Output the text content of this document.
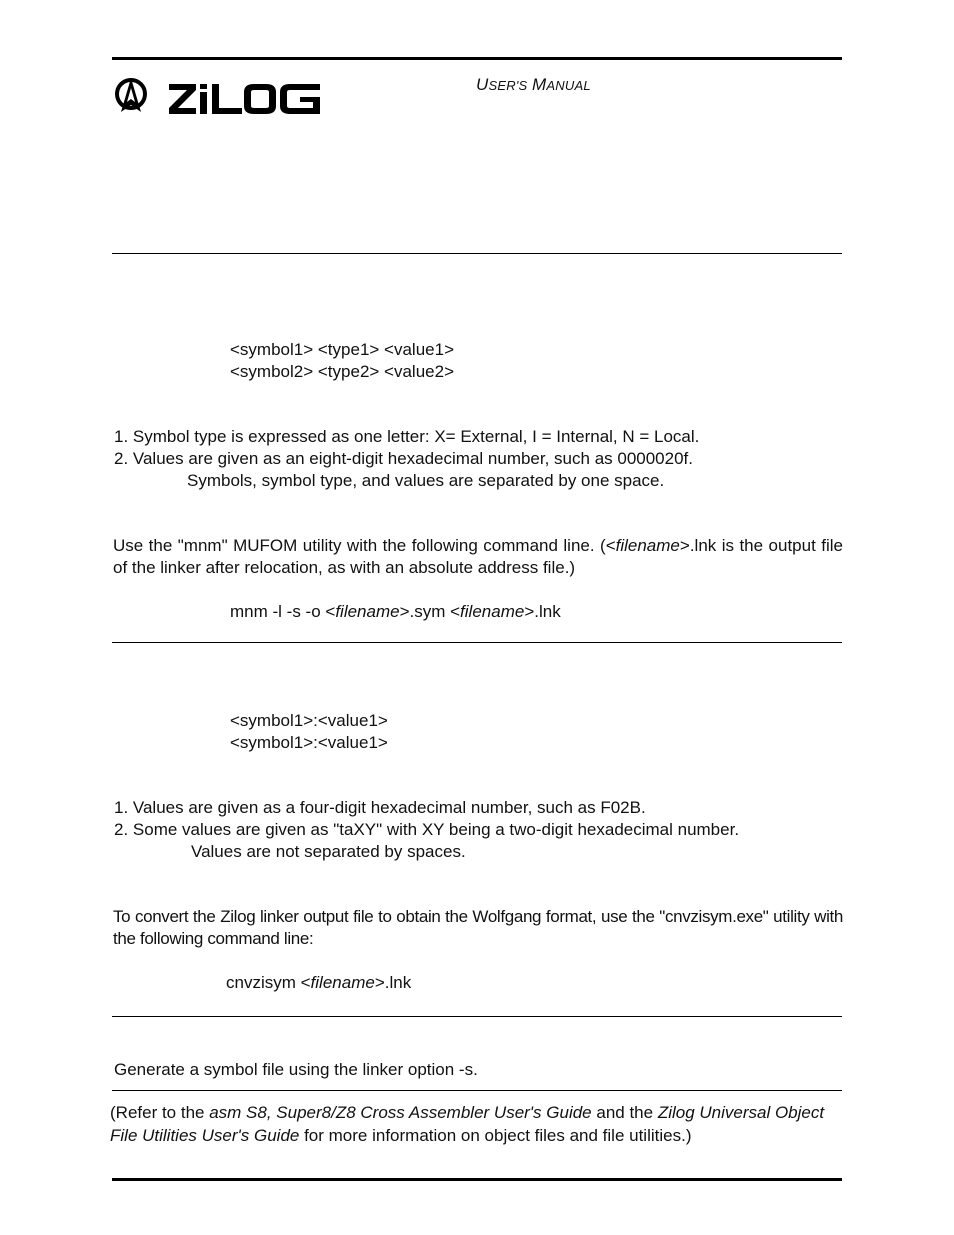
USER'S MANUAL
<symbol1> <type1> <value1>
<symbol2> <type2> <value2>
1. Symbol type is expressed as one letter: X= External, I = Internal, N = Local.
2. Values are given as an eight-digit hexadecimal number, such as 0000020f.
Symbols, symbol type, and values are separated by one space.
Use the "mnm" MUFOM utility with the following command line. (<filename>.lnk is the output file of the linker after relocation, as with an absolute address file.)
mnm -l -s -o <filename>.sym <filename>.lnk
<symbol1>:<value1>
<symbol1>:<value1>
1. Values are given as a four-digit hexadecimal number, such as F02B.
2. Some values are given as "taXY" with XY being a two-digit hexadecimal number.
Values are not separated by spaces.
To convert the Zilog linker output file to obtain the Wolfgang format, use the "cnvzisym.exe" utility with the following command line:
cnvzisym <filename>.lnk
Generate a symbol file using the linker option -s.
(Refer to the asm S8, Super8/Z8 Cross Assembler User's Guide and the Zilog Universal Object File Utilities User's Guide for more information on object files and file utilities.)
